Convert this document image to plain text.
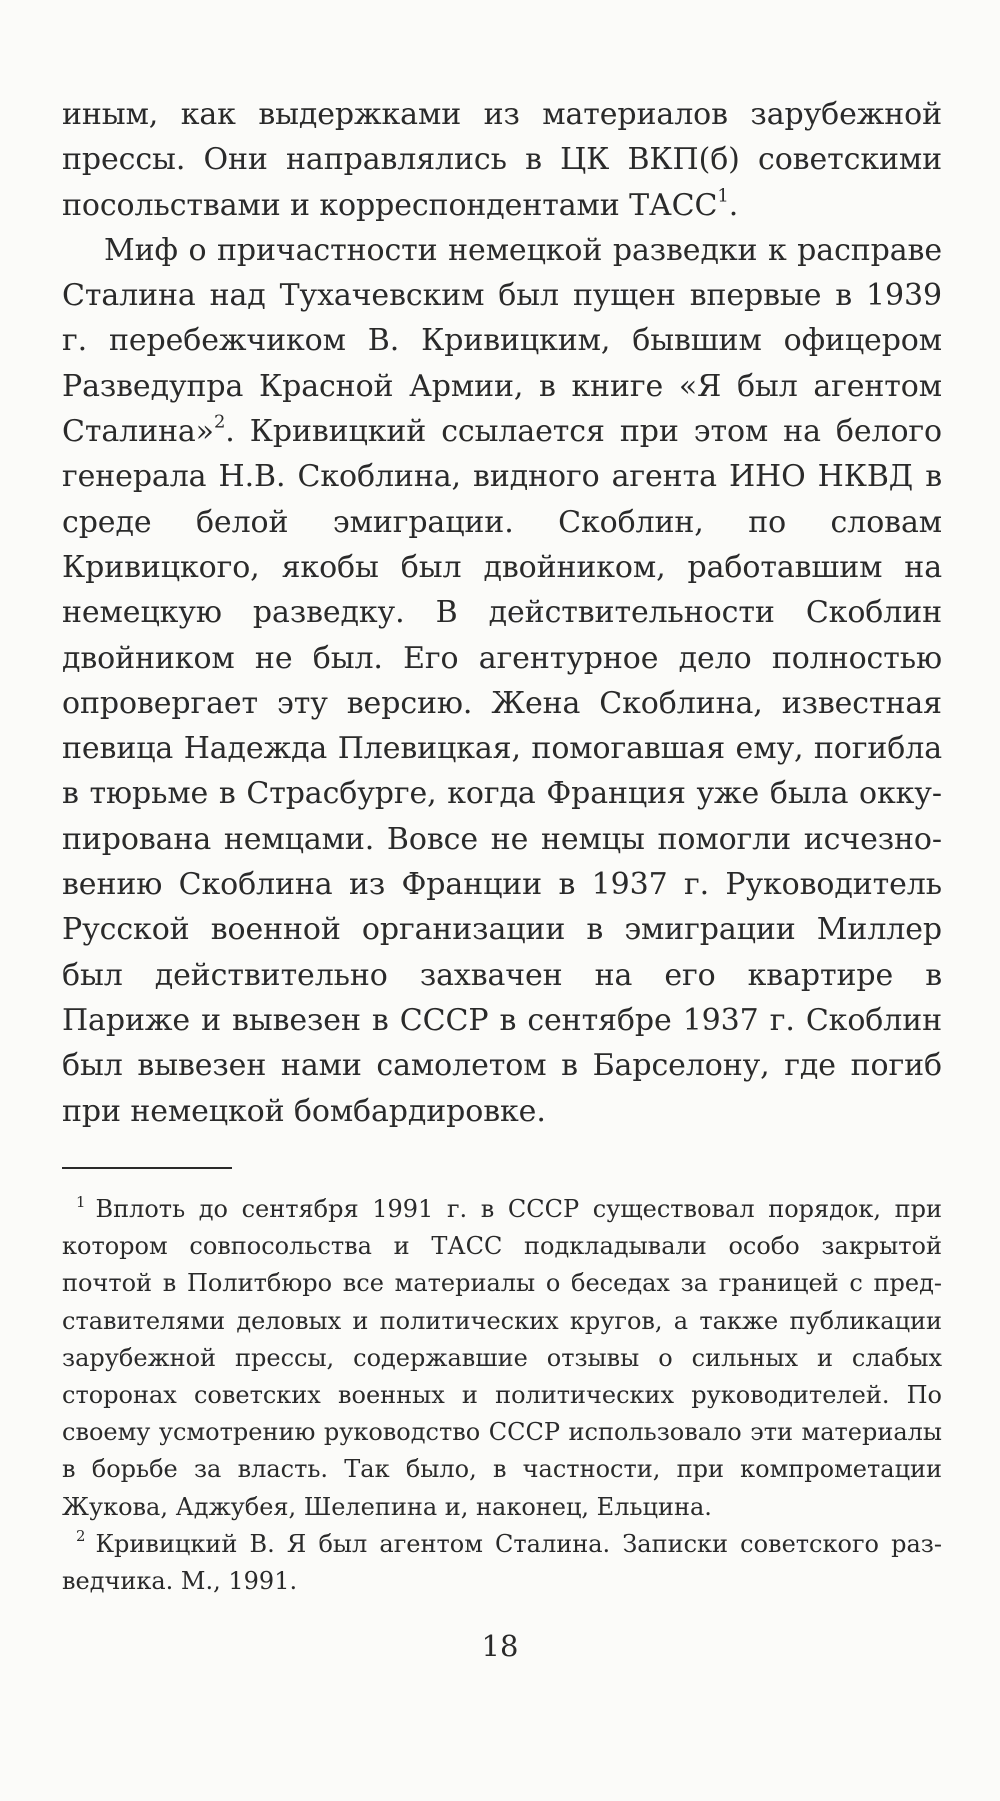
иным, как выдержками из материалов зарубежной прессы. Они направлялись в ЦК ВКП(б) советскими посольствами и корреспондентами ТАСС$^1$.

Миф о причастности немецкой разведки к расправе Сталина над Тухачевским был пущен впервые в 1939 г. перебежчиком В. Кривицким, бывшим офицером Разведупра Красной Армии, в книге «Я был агентом Сталина»$^2$. Кривицкий ссылается при этом на белого генерала Н.В. Скоблина, видного агента ИНО НКВД в среде белой эмиграции. Скоблин, по словам Кривицкого, якобы был двойником, работавшим на немецкую разведку. В действительности Скоблин двойником не был. Его агентурное дело полностью опровергает эту версию. Жена Скоблина, известная певица Надежда Плевицкая, помогавшая ему, погибла в тюрьме в Страсбурге, когда Франция уже была оккупирована немцами. Вовсе не немцы помогли исчезновению Скоблина из Франции в 1937 г. Руководитель Русской военной организации в эмиграции Миллер был действительно захвачен на его квартире в Париже и вывезен в СССР в сентябре 1937 г. Скоблин был вывезен нами самолетом в Барселону, где погиб при немецкой бомбардировке.

$^1$ Вплоть до сентября 1991 г. в СССР существовал порядок, при котором совпосольства и ТАСС подкладывали особо закрытой почтой в Политбюро все материалы о беседах за границей с представителями деловых и политических кругов, а также публикации зарубежной прессы, содержавшие отзывы о сильных и слабых сторонах советских военных и политических руководителей. По своему усмотрению руководство СССР использовало эти материалы в борьбе за власть. Так было, в частности, при компрометации Жукова, Аджубея, Шелепина и, наконец, Ельцина.

$^2$ Кривицкий В. Я был агентом Сталина. Записки советского разведчика. М., 1991.

18
